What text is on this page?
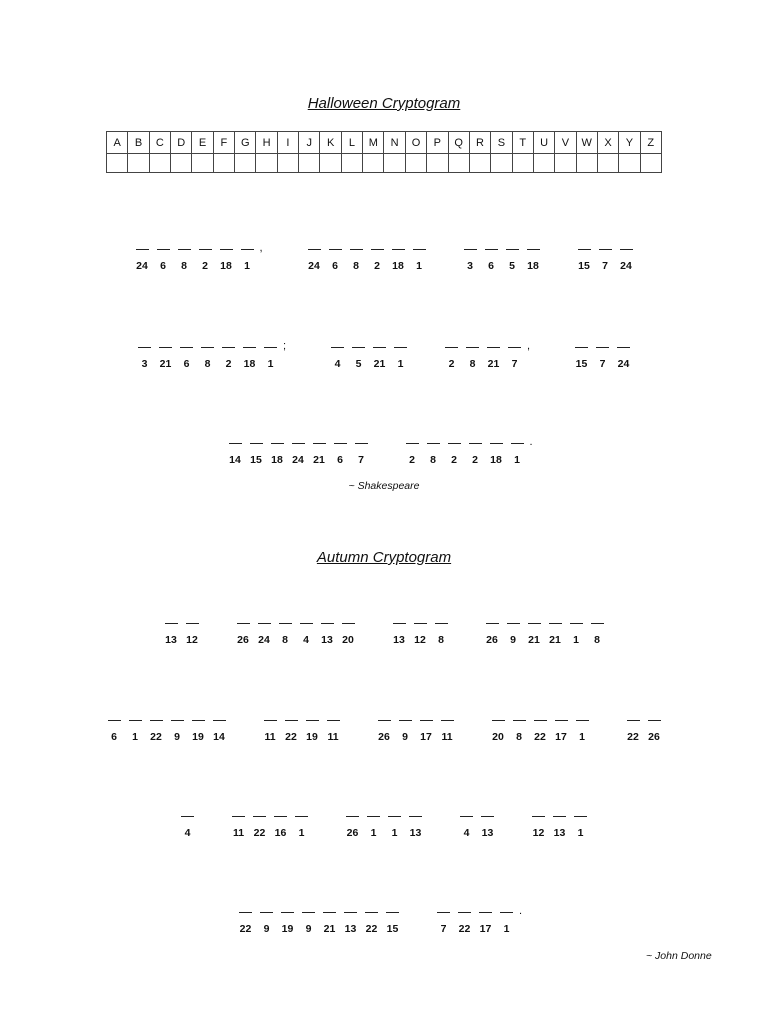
Halloween Cryptogram
A	B	C	D	E	F	G	H	I	J	K	L	M	N	O	P	Q	R	S	T	U	V	W	X	Y	Z

24 6 8 2 18 1
,
24 6 8 2 18 1	3 6 5 18	15 7 24
3 21 6 8 2 18 1
;
4 5 21 1	2 8 21 7
,
15 7 24
14 15 18 24 21 6 7	2 8 2 2 18 1
.
~ Shakespeare
Autumn Cryptogram
13 12	26 24 8 4 13 20	13 12 8	26 9 21 21 1 8
6 1 22 9 19 14	11 22 19 11	26 9 17 11	20 8 22 17 1	22 26
4	11 22 16 1	26 1 1 13	4 13	12 13 1
22 9 19 9 21 13 22 15	7 22 17 1
.
~ John Donne
